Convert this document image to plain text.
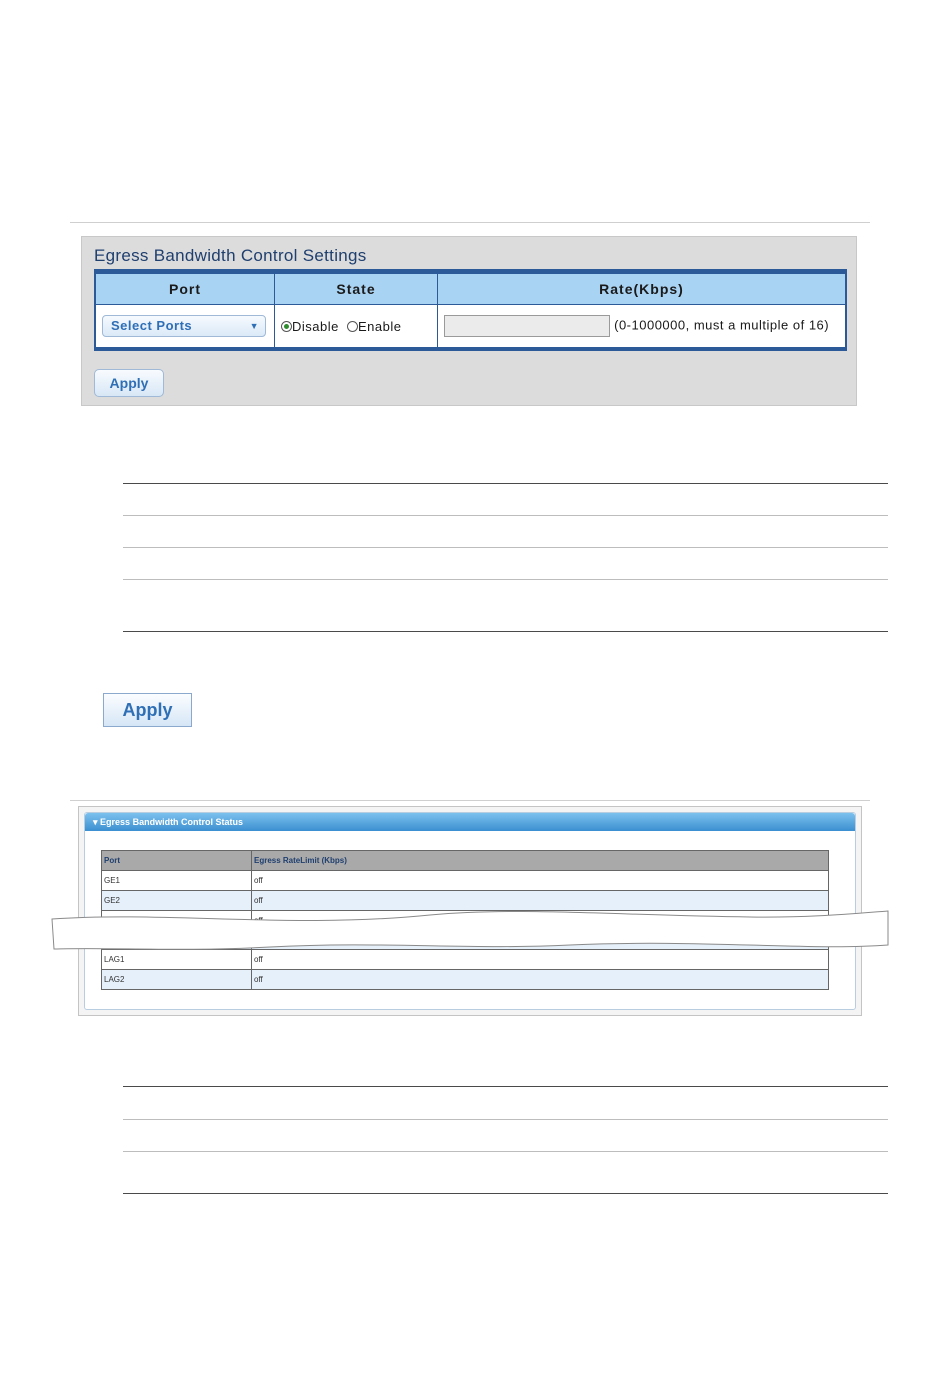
Egress Bandwidth Control Settings
Port	State	Rate(Kbps)
Select Ports ▼	Disable Enable	(0-1000000, must a multiple of 16)
Apply
Apply
▾ Egress Bandwidth Control Status
Port	Egress RateLimit (Kbps)
GE1	off
GE2	off

LAG1	off
LAG2	off
